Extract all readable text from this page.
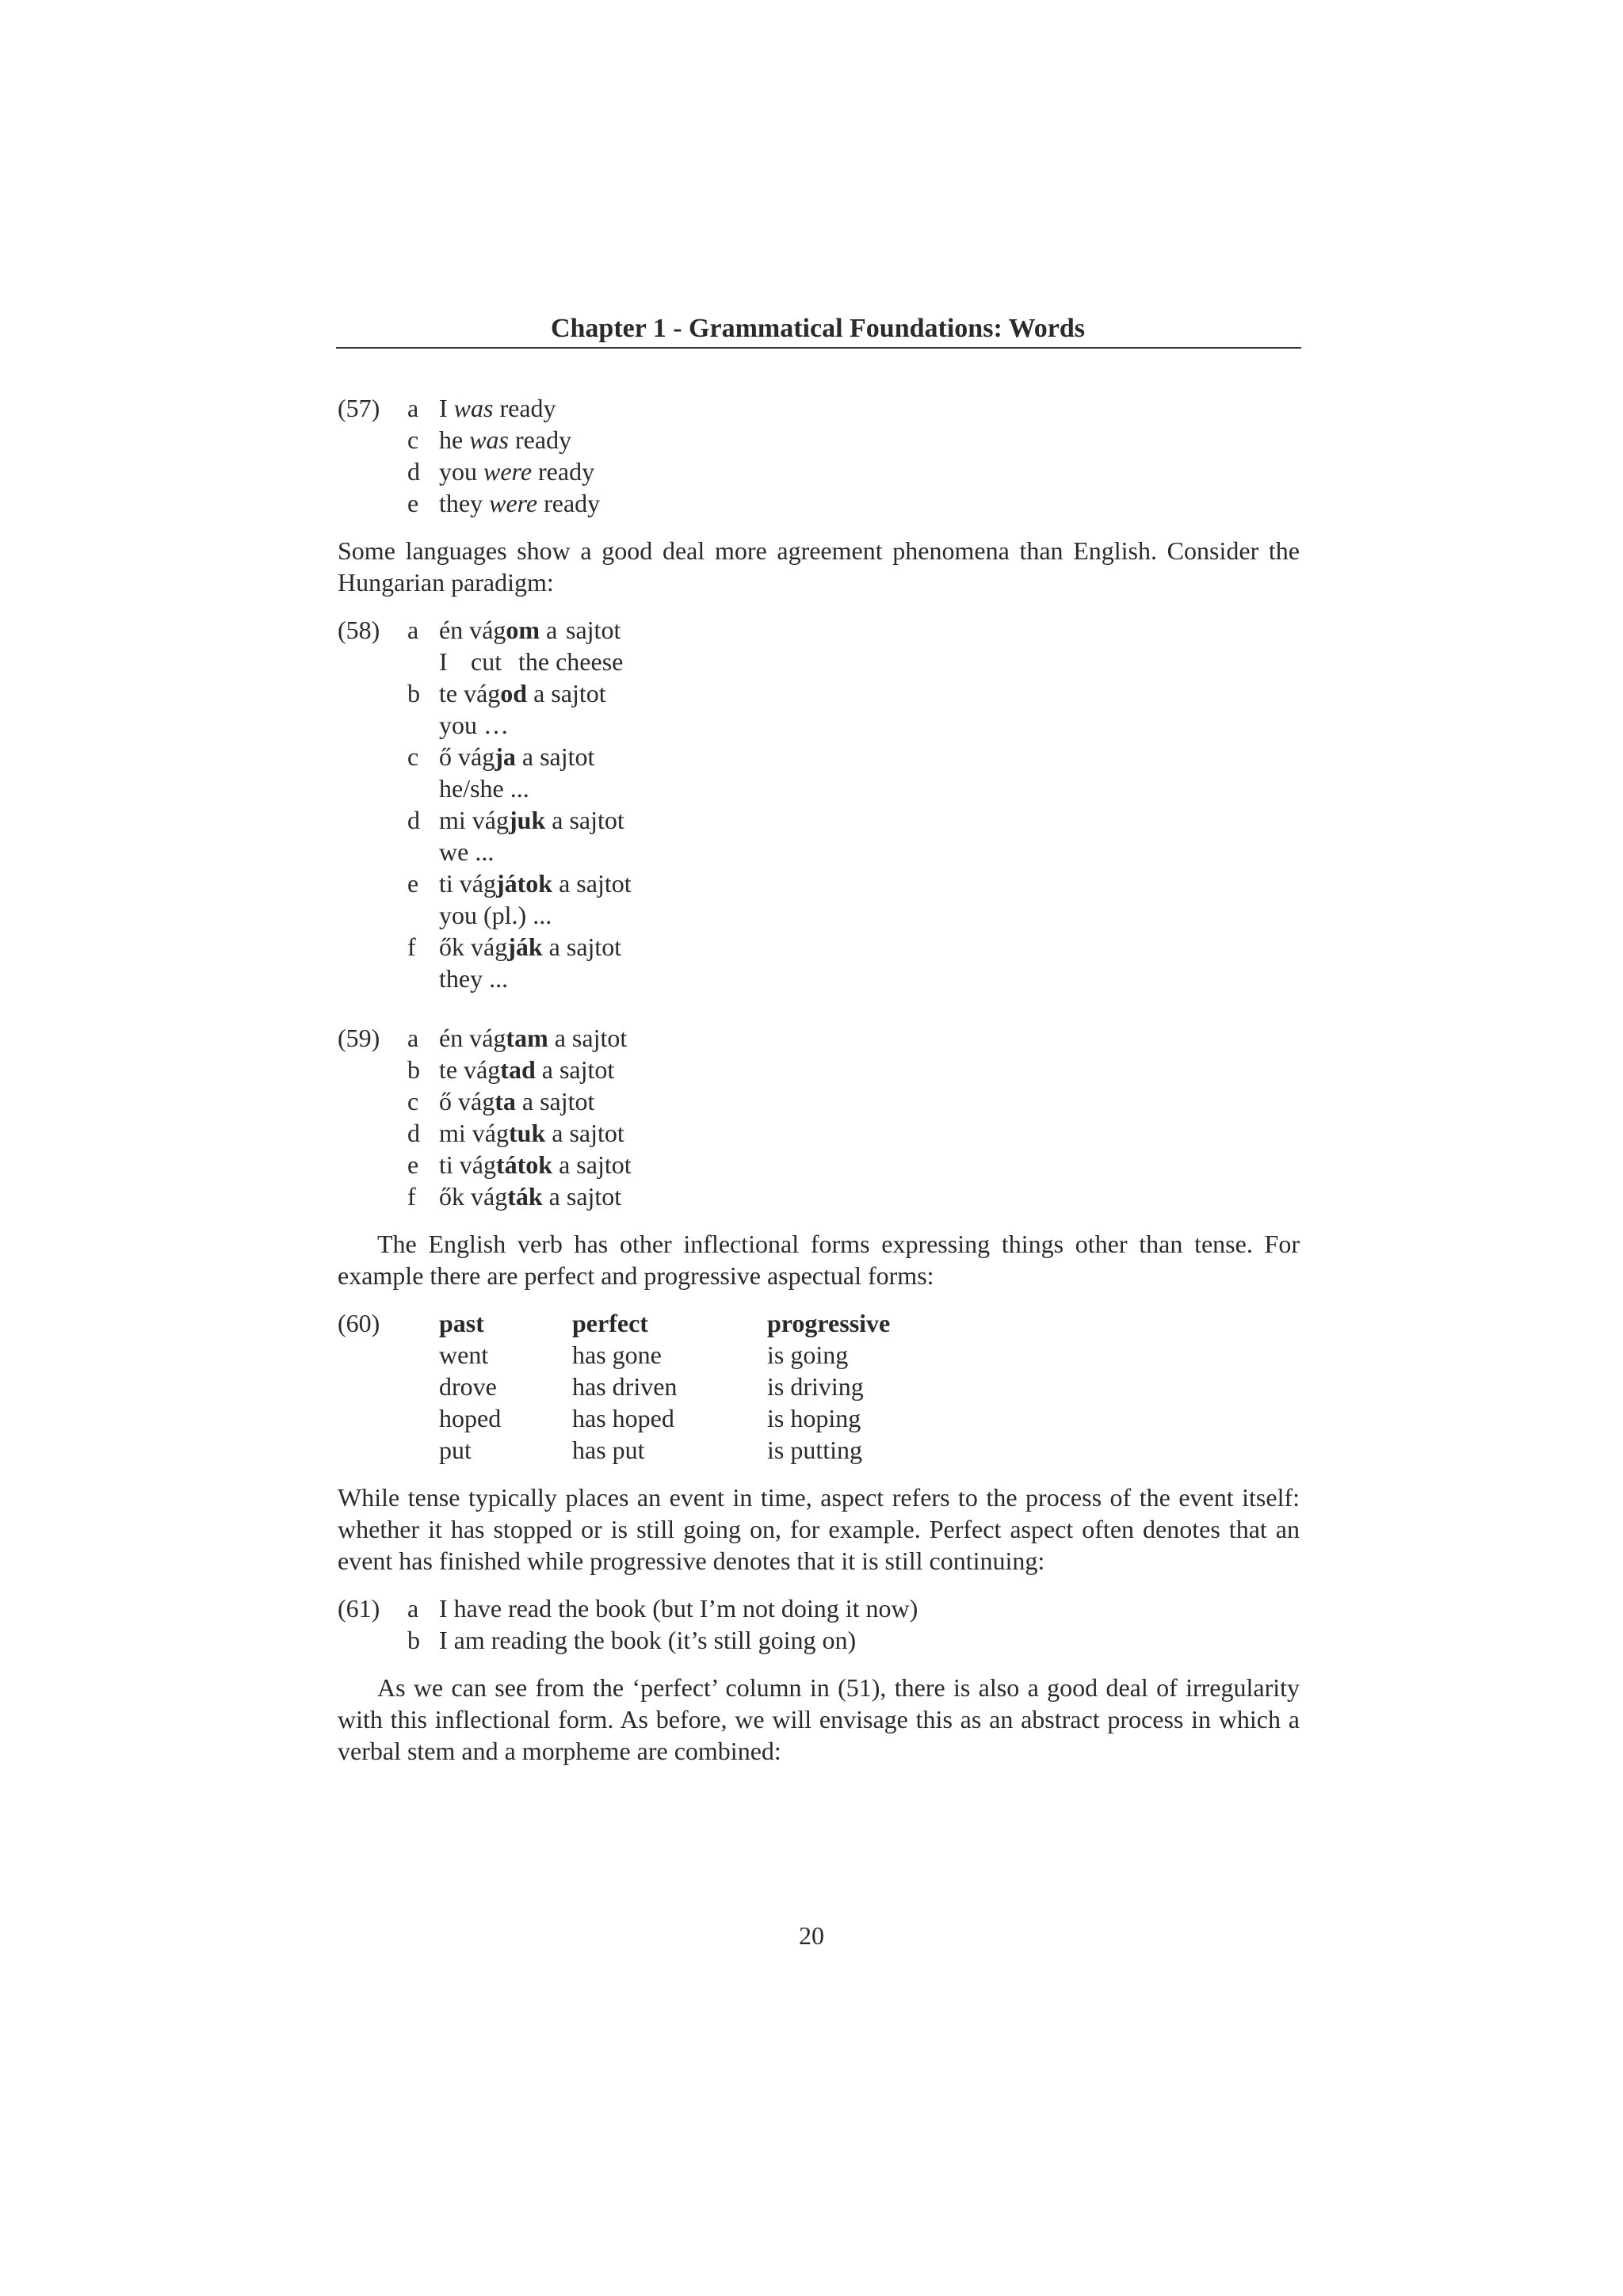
Chapter 1 - Grammatical Foundations: Words
(57) a I was ready
c he was ready
d you were ready
e they were ready

Some languages show a good deal more agreement phenomena than English. Consider the Hungarian paradigm:

(58) a én vágom a sajtot
I cut the cheese
b te vágod a sajtot
you …
c ő vágja a sajtot
he/she ...
d mi vágjuk a sajtot
we ...
e ti vágjátok a sajtot
you (pl.) ...
f ők vágják a sajtot
they ...
(59) a én vágtam a sajtot
b te vágtad a sajtot
c ő vágta a sajtot
d mi vágtuk a sajtot
e ti vágtátok a sajtot
f ők vágták a sajtot

The English verb has other inflectional forms expressing things other than tense. For example there are perfect and progressive aspectual forms:

(60) past
went
drove
hoped
put
perfect
has gone
has driven
has hoped
has put
progressive
is going
is driving
is hoping
is putting

While tense typically places an event in time, aspect refers to the process of the event itself: whether it has stopped or is still going on, for example. Perfect aspect often denotes that an event has finished while progressive denotes that it is still continuing:

(61) a I have read the book (but I’m not doing it now)
b I am reading the book (it’s still going on)

As we can see from the ‘perfect’ column in (51), there is also a good deal of irregularity with this inflectional form. As before, we will envisage this as an abstract process in which a verbal stem and a morpheme are combined:

20
